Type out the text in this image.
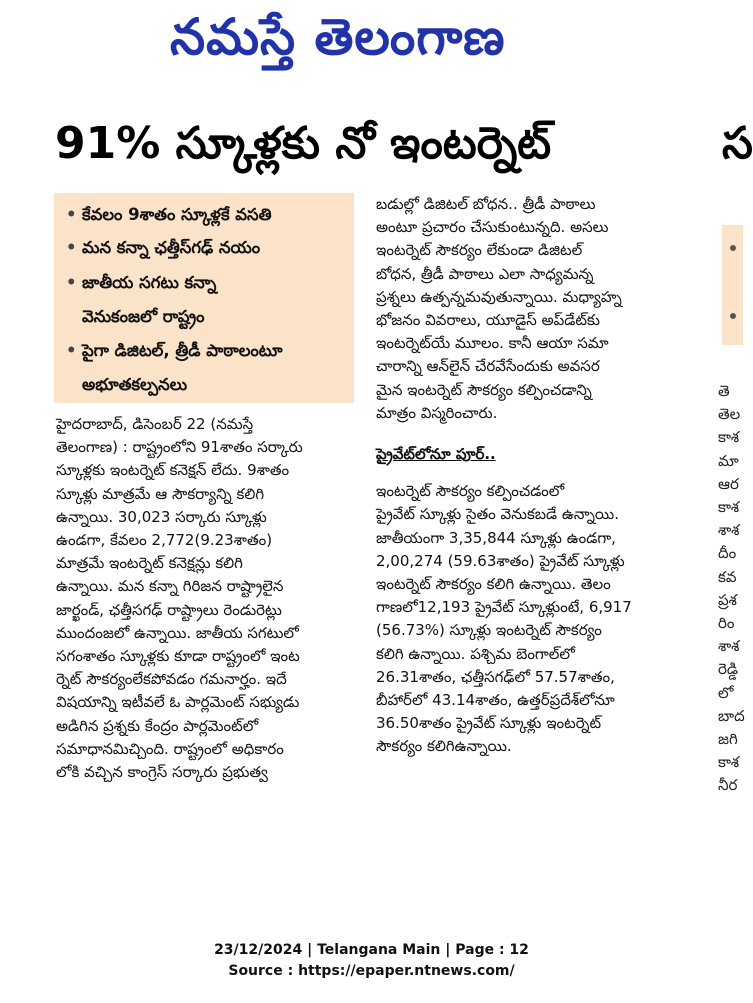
నమస్తే తెలంగాణ
91% స్కూళ్లకు నో ఇంటర్నెట్	స
• కేవలం 9శాతం స్కూళ్లకే వసతి
• మన కన్నా ఛత్తీస్‌గఢ్ నయం
• జాతీయ సగటు కన్నా
వెనుకంజలో రాష్ట్రం
• పైగా డిజిటల్, త్రీడీ పాఠాలంటూ
అభూతకల్పనలు
హైదరాబాద్, డిసెంబర్ 22 (నమస్తే
తెలంగాణ) : రాష్ట్రంలోని 91శాతం సర్కారు
స్కూళ్లకు ఇంటర్నెట్ కనెక్షన్ లేదు. 9శాతం
స్కూళ్లు మాత్రమే ఆ సౌకర్యాన్ని కలిగి
ఉన్నాయి. 30,023 సర్కారు స్కూళ్లు
ఉండగా, కేవలం 2,772(9.23శాతం)
మాత్రమే ఇంటర్నెట్ కనెక్షన్లు కలిగి
ఉన్నాయి. మన కన్నా గిరిజన రాష్ట్రాలైన
జార్ఖండ్, ఛత్తీసగఢ్ రాష్ట్రాలు రెండురెట్లు
ముందంజలో ఉన్నాయి. జాతీయ సగటులో
సగంశాతం స్కూళ్లకు కూడా రాష్ట్రంలో ఇంట
ర్నెట్ సౌకర్యంలేకపోవడం గమనార్హం. ఇదే
విషయాన్ని ఇటీవలే ఓ పార్లమెంట్ సభ్యుడు
అడిగిన ప్రశ్నకు కేంద్రం పార్లమెంట్‌లో
సమాధానమిచ్చింది. రాష్ట్రంలో అధికారం
లోకి వచ్చిన కాంగ్రెస్ సర్కారు ప్రభుత్వ
బడుల్లో డిజిటల్ బోధన.. త్రీడీ పాఠాలు
అంటూ ప్రచారం చేసుకుంటున్నది. అసలు
ఇంటర్నెట్ సౌకర్యం లేకుండా డిజిటల్
బోధన, త్రీడీ పాఠాలు ఎలా సాధ్యమన్న
ప్రశ్నలు ఉత్పన్నమవుతున్నాయి. మధ్యాహ్న
భోజనం వివరాలు, యూడైస్ అప్‌డేట్‌కు
ఇంటర్నెట్‌యే మూలం. కానీ ఆయా సమా
చారాన్ని ఆన్‌లైన్ చేరవేసేందుకు అవసర
మైన ఇంటర్నెట్ సౌకర్యం కల్పించడాన్ని
మాత్రం విస్మరించారు.
ప్రైవేట్‌లోనూ పూర్..
ఇంటర్నెట్ సౌకర్యం కల్పించడంలో
ప్రైవేట్ స్కూళ్లు సైతం వెనుకబడే ఉన్నాయి.
జాతీయంగా 3,35,844 స్కూళ్లు ఉండగా,
2,00,274 (59.63శాతం) ప్రైవేట్ స్కూళ్లు
ఇంటర్నెట్ సౌకర్యం కలిగి ఉన్నాయి. తెలం
గాణలో12,193 ప్రైవేట్ స్కూళ్లుంటే, 6,917
(56.73%) స్కూళ్లు ఇంటర్నెట్ సౌకర్యం
కలిగి ఉన్నాయి. పశ్చిమ బెంగాల్‌లో
26.31శాతం, ఛత్తీసగఢ్‌లో 57.57శాతం,
బీహార్‌లో 43.14శాతం, ఉత్తర్‌ప్రదేశ్‌లోనూ
36.50శాతం ప్రైవేట్ స్కూళ్లు ఇంటర్నెట్
సౌకర్యం కలిగిఉన్నాయి.
తె
తెల
కాశ
మా
ఆర
కాశ
శాశ
దీం
కవ
ప్రశ
రిం
శాశ
రెడ్డి
లో
బాద
జగి
కాశ
నీర
23/12/2024 | Telangana Main | Page : 12
Source : https://epaper.ntnews.com/
